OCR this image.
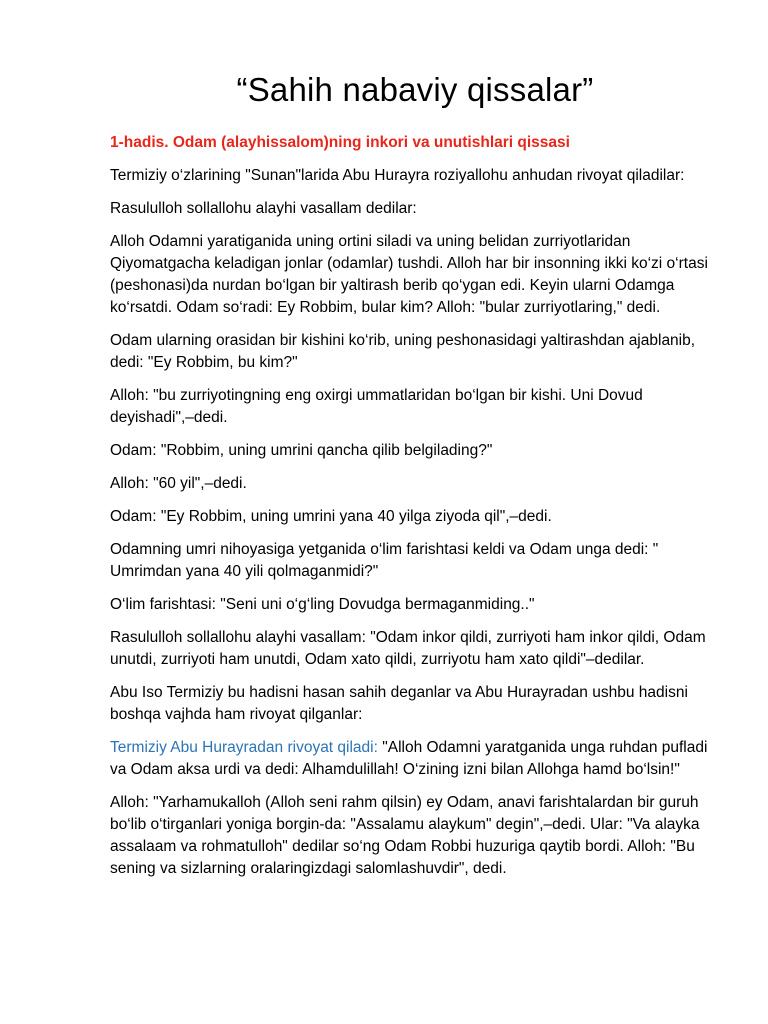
“Sahih nabaviy qissalar”

1-hadis. Odam (alayhissalom)ning inkori va unutishlari qissasi

Termiziy o‘zlarining "Sunan"larida Abu Hurayra roziyallohu anhudan rivoyat qiladilar:

Rasululloh sollallohu alayhi vasallam dedilar:

Alloh Odamni yaratiganida uning orti​ni siladi va uning belidan zurriyotlaridan Qiyomatgacha keladigan jonlar (odamlar) tushdi. Alloh har bir insonning ikki ko‘zi o‘rtasi (peshonasi)da nurdan bo‘lgan bir yaltirash berib qo‘ygan edi. Keyin ularni Odamga ko‘rsatdi. Odam so‘radi: Ey Robbim, bular kim? Alloh: "bular zurriyotlaring," dedi.

Odam ularning orasidan bir kishini ko‘rib, uning peshonasidagi yaltirashdan ajablanib, dedi: "Ey Robbim, bu kim?"

Alloh: "bu zurriyotingning eng oxirgi ummatlaridan bo‘lgan bir kishi. Uni Dovud deyishadi",–dedi.

Odam: "Robbim, uning umrini qancha qilib belgilading?"

Alloh: "60 yil",–dedi.

Odam: "Ey Robbim, uning umrini yana 40 yilga ziyoda qil",–dedi.

Odamning umri nihoyasiga yetganida o‘lim farishtasi keldi va Odam unga dedi: " Umrimdan yana 40 yili qolmaganmidi?"

O‘lim farishtasi: "Seni uni o‘g‘ling Dovudga bermaganmiding.."

Rasululloh sollallohu alayhi vasallam: "Odam inkor qildi, zurriyoti ham inkor qildi, Odam unutdi, zurriyoti ham unutdi, Odam xato qildi, zurriyotu ham xato qildi"–dedilar.

Abu Iso Termiziy bu hadisni hasan sahih deganlar va Abu Hurayradan ushbu hadisni boshqa vajhda ham rivoyat qilganlar:

Termiziy Abu Hurayradan rivoyat qiladi: "Alloh Odamni yaratganida unga ruhdan pufladi va Odam aksa urdi va dedi: Alhamdulillah! O‘zining izni bilan Allohga hamd bo‘lsin!"

Alloh: "Yarhamukalloh (Alloh seni rahm qilsin) ey Odam, anavi farishtalardan bir guruh bo‘lib o‘tirganlari yoniga borgin-da: "Assalamu alaykum" degin",–dedi. Ular: "Va alayka assalaam va rohmatulloh" dedilar so‘ng Odam Robbi huzuriga qaytib bordi. Alloh: "Bu sening va sizlarning oralaringizdagi salomlashuvdir", dedi.
